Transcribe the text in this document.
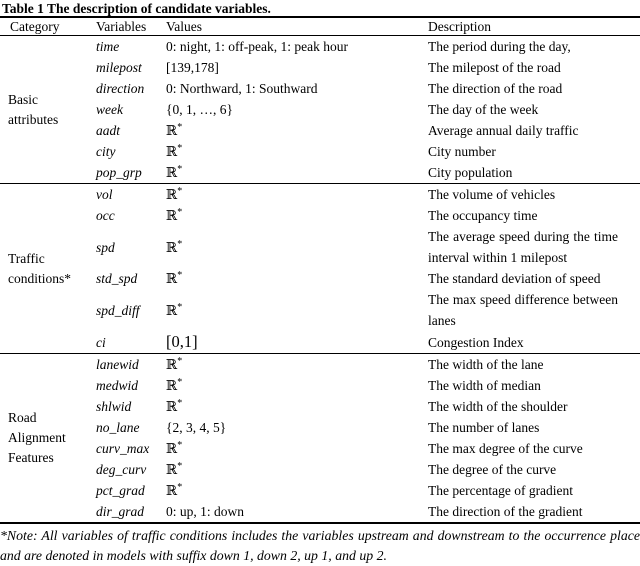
Table 1 The description of candidate variables.
Category	Variables	Values	Description
Basic attributes	time	0: night, 1: off-peak, 1: peak hour	The period during the day,

	milepost	[139,178]	The milepost of the road

	direction	0: Northward, 1: Southward	The direction of the road

	week	{0, 1, …, 6}	The day of the week

	aadt	ℝ*	Average annual daily traffic

	city	ℝ*	City number

	pop_grp	ℝ*	City population

Traffic conditions*	vol	ℝ*	The volume of vehicles

	occ	ℝ*	The occupancy time

	spd	ℝ*	The average speed during the time interval within 1 milepost

	std_spd	ℝ*	The standard deviation of speed

	spd_diff	ℝ*	The max speed difference between lanes

	ci	[0,1]	Congestion Index

Road Alignment Features	lanewid	ℝ*	The width of the lane

	medwid	ℝ*	The width of median

	shlwid	ℝ*	The width of the shoulder

	no_lane	{2, 3, 4, 5}	The number of lanes

	curv_max	ℝ*	The max degree of the curve

	deg_curv	ℝ*	The degree of the curve

	pct_grad	ℝ*	The percentage of gradient

	dir_grad	0: up, 1: down	The direction of the gradient
*Note: All variables of traffic conditions includes the variables upstream and downstream to the occurrence place and are denoted in models with suffix down 1, down 2, up 1, and up 2.
